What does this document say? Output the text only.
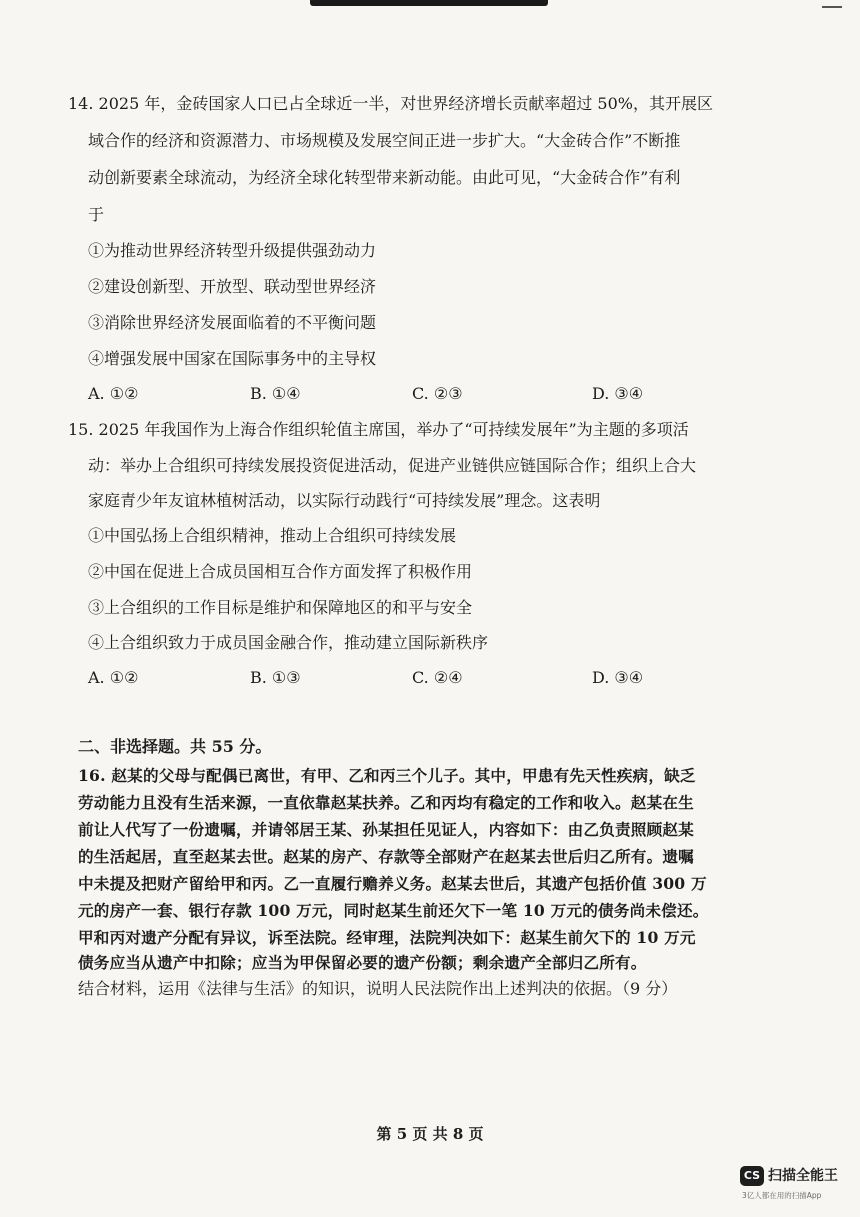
14. 2025 年，金砖国家人口已占全球近一半，对世界经济增长贡献率超过 50%，其开展区
域合作的经济和资源潜力、市场规模及发展空间正进一步扩大。“大金砖合作”不断推
动创新要素全球流动，为经济全球化转型带来新动能。由此可见，“大金砖合作”有利
于
①为推动世界经济转型升级提供强劲动力
②建设创新型、开放型、联动型世界经济
③消除世界经济发展面临着的不平衡问题
④增强发展中国家在国际事务中的主导权
A. ①②	B. ①④	C. ②③	D. ③④
15. 2025 年我国作为上海合作组织轮值主席国，举办了“可持续发展年”为主题的多项活
动：举办上合组织可持续发展投资促进活动，促进产业链供应链国际合作；组织上合大
家庭青少年友谊林植树活动，以实际行动践行“可持续发展”理念。这表明
①中国弘扬上合组织精神，推动上合组织可持续发展
②中国在促进上合成员国相互合作方面发挥了积极作用
③上合组织的工作目标是维护和保障地区的和平与安全
④上合组织致力于成员国金融合作，推动建立国际新秩序
A. ①②	B. ①③	C. ②④	D. ③④
二、非选择题。共 55 分。
16. 赵某的父母与配偶已离世，有甲、乙和丙三个儿子。其中，甲患有先天性疾病，缺乏
劳动能力且没有生活来源，一直依靠赵某扶养。乙和丙均有稳定的工作和收入。赵某在生
前让人代写了一份遗嘱，并请邻居王某、孙某担任见证人，内容如下：由乙负责照顾赵某
的生活起居，直至赵某去世。赵某的房产、存款等全部财产在赵某去世后归乙所有。遗嘱
中未提及把财产留给甲和丙。乙一直履行赡养义务。赵某去世后，其遗产包括价值 300 万
元的房产一套、银行存款 100 万元，同时赵某生前还欠下一笔 10 万元的债务尚未偿还。
甲和丙对遗产分配有异议，诉至法院。经审理，法院判决如下：赵某生前欠下的 10 万元
债务应当从遗产中扣除；应当为甲保留必要的遗产份额；剩余遗产全部归乙所有。
结合材料，运用《法律与生活》的知识，说明人民法院作出上述判决的依据。（9 分）
第 5 页 共 8 页
CS 扫描全能王
3亿人都在用的扫描App
